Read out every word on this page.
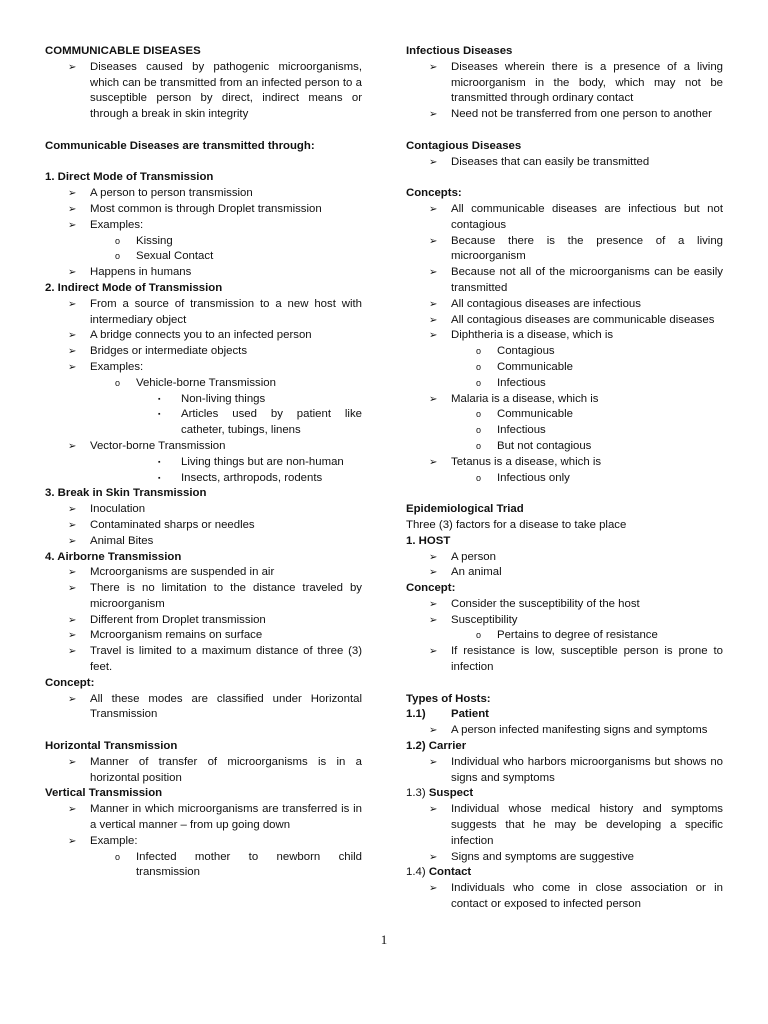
COMMUNICABLE DISEASES

➢ Diseases caused by pathogenic microorganisms, which can be transmitted from an infected person to a susceptible person by direct, indirect means or through a break in skin integrity

Communicable Diseases are transmitted through:

1. Direct Mode of Transmission

➢ A person to person transmission

➢ Most common is through Droplet transmission

➢ Examples:

o Kissing

o Sexual Contact

➢ Happens in humans

2. Indirect Mode of Transmission

➢ From a source of transmission to a new host with intermediary object

➢ A bridge connects you to an infected person

➢ Bridges or intermediate objects

➢ Examples:

o Vehicle-borne Transmission

▪ Non-living things

▪ Articles used by patient like catheter, tubings, linens

➢ Vector-borne Transmission

▪ Living things but are non-human

▪ Insects, arthropods, rodents

3. Break in Skin Transmission

➢ Inoculation

➢ Contaminated sharps or needles

➢ Animal Bites

4. Airborne Transmission

➢ Mcroorganisms are suspended in air

➢ There is no limitation to the distance traveled by microorganism

➢ Different from Droplet transmission

➢ Mcroorganism remains on surface

➢ Travel is limited to a maximum distance of three (3) feet.

Concept:

➢ All these modes are classified under Horizontal Transmission

Horizontal Transmission

➢ Manner of transfer of microorganisms is in a horizontal position

Vertical Transmission

➢ Manner in which microorganisms are transferred is in a vertical manner – from up going down

➢ Example:

o Infected mother to newborn child transmission

Infectious Diseases

➢ Diseases wherein there is a presence of a living microorganism in the body, which may not be transmitted through ordinary contact

➢ Need not be transferred from one person to another

Contagious Diseases

➢ Diseases that can easily be transmitted

Concepts:

➢ All communicable diseases are infectious but not contagious

➢ Because there is the presence of a living microorganism

➢ Because not all of the microorganisms can be easily transmitted

➢ All contagious diseases are infectious

➢ All contagious diseases are communicable diseases

➢ Diphtheria is a disease, which is

o Contagious

o Communicable

o Infectious

➢ Malaria is a disease, which is

o Communicable

o Infectious

o But not contagious

➢ Tetanus is a disease, which is

o Infectious only

Epidemiological Triad

Three (3) factors for a disease to take place

1. HOST

➢ A person

➢ An animal

Concept:

➢ Consider the susceptibility of the host

➢ Susceptibility

o Pertains to degree of resistance

➢ If resistance is low, susceptible person is prone to infection

Types of Hosts:

1.1) Patient

➢ A person infected manifesting signs and symptoms

1.2) Carrier

➢ Individual who harbors microorganisms but shows no signs and symptoms

1.3) Suspect

➢ Individual whose medical history and symptoms suggests that he may be developing a specific infection

➢ Signs and symptoms are suggestive

1.4) Contact

➢ Individuals who come in close association or in contact or exposed to infected person

1
